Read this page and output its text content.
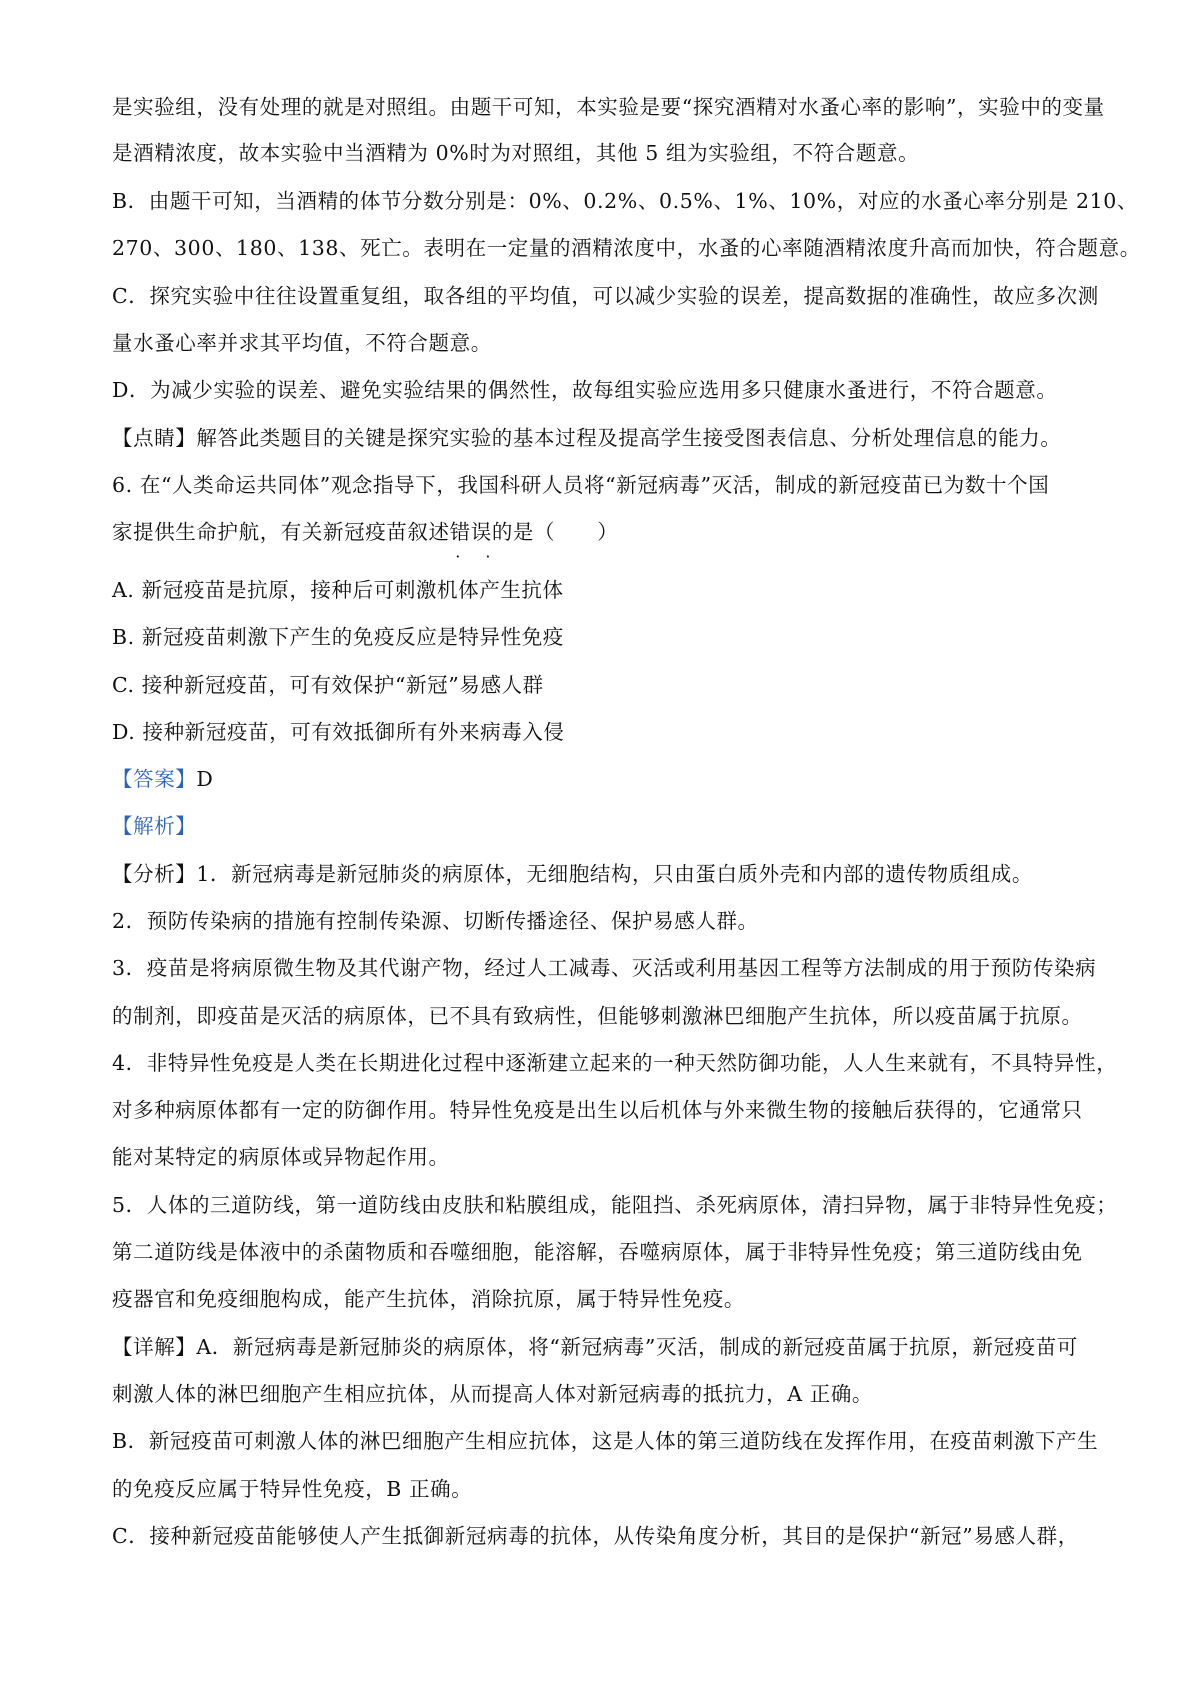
是实验组，没有处理的就是对照组。由题干可知，本实验是要“探究酒精对水蚤心率的影响”，实验中的变量
是酒精浓度，故本实验中当酒精为 0%时为对照组，其他 5 组为实验组，不符合题意。
B．由题干可知，当酒精的体节分数分别是：0%、0.2%、0.5%、1%、10%，对应的水蚤心率分别是 210、
270、300、180、138、死亡。表明在一定量的酒精浓度中，水蚤的心率随酒精浓度升高而加快，符合题意。
C．探究实验中往往设置重复组，取各组的平均值，可以减少实验的误差，提高数据的准确性，故应多次测
量水蚤心率并求其平均值，不符合题意。
D．为减少实验的误差、避免实验结果的偶然性，故每组实验应选用多只健康水蚤进行，不符合题意。
【点睛】解答此类题目的关键是探究实验的基本过程及提高学生接受图表信息、分析处理信息的能力。
6. 在“人类命运共同体”观念指导下，我国科研人员将“新冠病毒”灭活，制成的新冠疫苗已为数十个国
家提供生命护航，有关新冠疫苗叙述错误 · ·的是（　　）
A. 新冠疫苗是抗原，接种后可刺激机体产生抗体
B. 新冠疫苗刺激下产生的免疫反应是特异性免疫
C. 接种新冠疫苗，可有效保护“新冠”易感人群
D. 接种新冠疫苗，可有效抵御所有外来病毒入侵
【答案】D
【解析】
【分析】1．新冠病毒是新冠肺炎的病原体，无细胞结构，只由蛋白质外壳和内部的遗传物质组成。
2．预防传染病的措施有控制传染源、切断传播途径、保护易感人群。
3．疫苗是将病原微生物及其代谢产物，经过人工减毒、灭活或利用基因工程等方法制成的用于预防传染病
的制剂，即疫苗是灭活的病原体，已不具有致病性，但能够刺激淋巴细胞产生抗体，所以疫苗属于抗原。
4．非特异性免疫是人类在长期进化过程中逐渐建立起来的一种天然防御功能，人人生来就有，不具特异性，
对多种病原体都有一定的防御作用。特异性免疫是出生以后机体与外来微生物的接触后获得的，它通常只
能对某特定的病原体或异物起作用。
5．人体的三道防线，第一道防线由皮肤和粘膜组成，能阻挡、杀死病原体，清扫异物，属于非特异性免疫；
第二道防线是体液中的杀菌物质和吞噬细胞，能溶解，吞噬病原体，属于非特异性免疫；第三道防线由免
疫器官和免疫细胞构成，能产生抗体，消除抗原，属于特异性免疫。
【详解】A．新冠病毒是新冠肺炎的病原体，将“新冠病毒”灭活，制成的新冠疫苗属于抗原，新冠疫苗可
刺激人体的淋巴细胞产生相应抗体，从而提高人体对新冠病毒的抵抗力，A 正确。
B．新冠疫苗可刺激人体的淋巴细胞产生相应抗体，这是人体的第三道防线在发挥作用，在疫苗刺激下产生
的免疫反应属于特异性免疫，B 正确。
C．接种新冠疫苗能够使人产生抵御新冠病毒的抗体，从传染角度分析，其目的是保护“新冠”易感人群，
